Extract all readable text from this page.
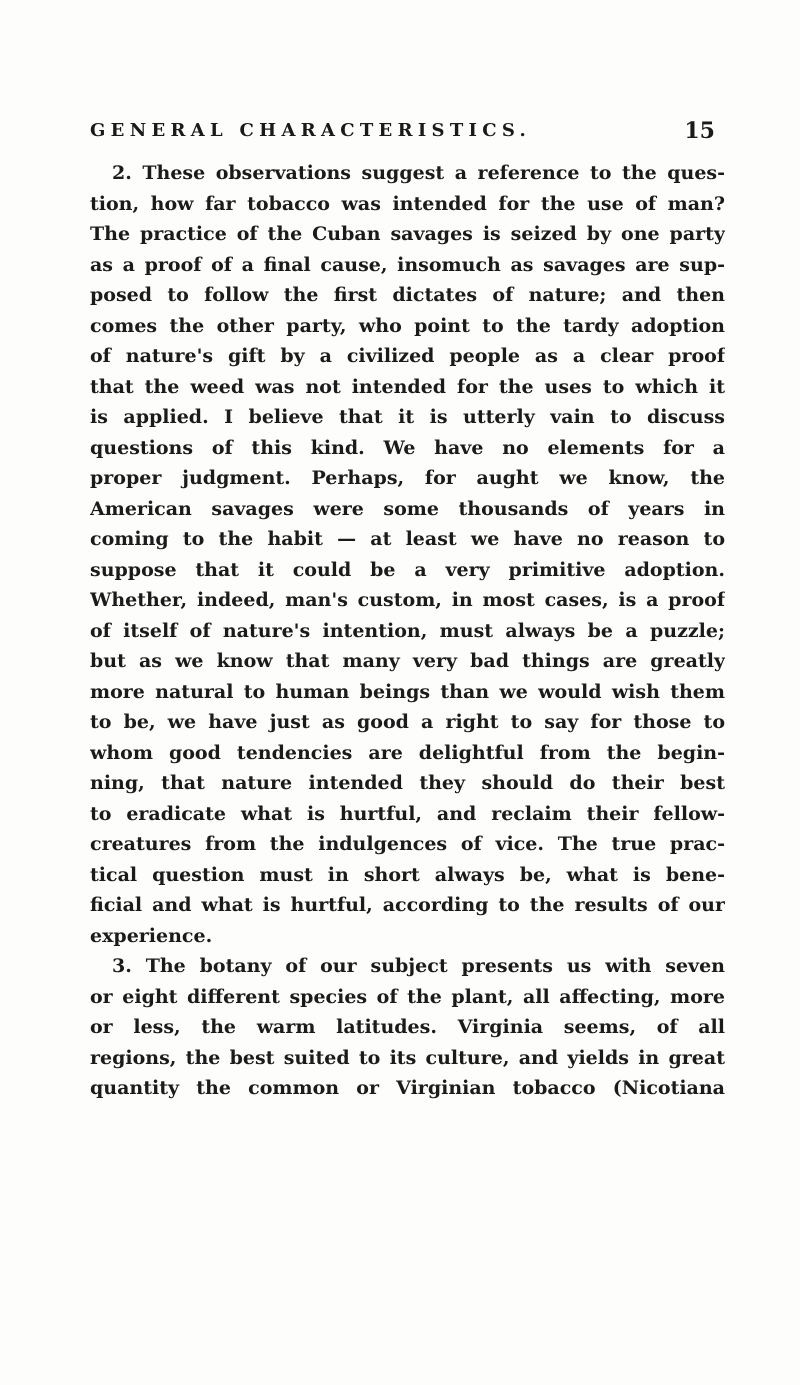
GENERAL CHARACTERISTICS.	15
2. These observations suggest a reference to the ques-
tion, how far tobacco was intended for the use of man?
The practice of the Cuban savages is seized by one party
as a proof of a final cause, insomuch as savages are sup-
posed to follow the first dictates of nature; and then
comes the other party, who point to the tardy adoption
of nature's gift by a civilized people as a clear proof
that the weed was not intended for the uses to which it
is applied. I believe that it is utterly vain to discuss
questions of this kind. We have no elements for a
proper judgment. Perhaps, for aught we know, the
American savages were some thousands of years in
coming to the habit — at least we have no reason to
suppose that it could be a very primitive adoption.
Whether, indeed, man's custom, in most cases, is a proof
of itself of nature's intention, must always be a puzzle;
but as we know that many very bad things are greatly
more natural to human beings than we would wish them
to be, we have just as good a right to say for those to
whom good tendencies are delightful from the begin-
ning, that nature intended they should do their best
to eradicate what is hurtful, and reclaim their fellow-
creatures from the indulgences of vice. The true prac-
tical question must in short always be, what is bene-
ficial and what is hurtful, according to the results of our
experience.
3. The botany of our subject presents us with seven
or eight different species of the plant, all affecting, more
or less, the warm latitudes. Virginia seems, of all
regions, the best suited to its culture, and yields in great
quantity the common or Virginian tobacco (Nicotiana
